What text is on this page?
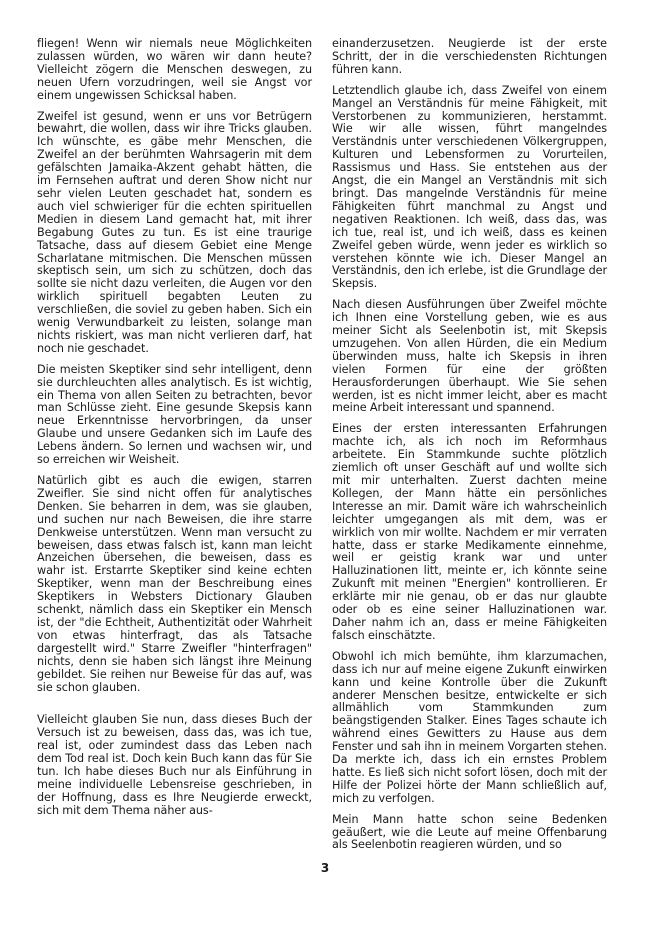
fliegen! Wenn wir niemals neue Möglichkeiten zulassen würden, wo wären wir dann heute? Vielleicht zögern die Menschen deswegen, zu neuen Ufern vorzudringen, weil sie Angst vor einem ungewissen Schicksal haben.

Zweifel ist gesund, wenn er uns vor Betrügern bewahrt, die wollen, dass wir ihre Tricks glauben. Ich wünschte, es gäbe mehr Menschen, die Zweifel an der berühmten Wahrsagerin mit dem gefälschten Jamaika-Akzent gehabt hätten, die im Fernsehen auftrat und deren Show nicht nur sehr vielen Leuten geschadet hat, sondern es auch viel schwieriger für die echten spirituellen Medien in diesem Land gemacht hat, mit ihrer Begabung Gutes zu tun. Es ist eine traurige Tatsache, dass auf diesem Gebiet eine Menge Scharlatane mitmischen. Die Menschen müssen skeptisch sein, um sich zu schützen, doch das sollte sie nicht dazu verleiten, die Augen vor den wirklich spirituell begabten Leuten zu verschließen, die soviel zu geben haben. Sich ein wenig Verwundbarkeit zu leisten, solange man nichts riskiert, was man nicht verlieren darf, hat noch nie geschadet.

Die meisten Skeptiker sind sehr intelligent, denn sie durchleuchten alles analytisch. Es ist wichtig, ein Thema von allen Seiten zu betrachten, bevor man Schlüsse zieht. Eine gesunde Skepsis kann neue Erkenntnisse hervorbringen, da unser Glaube und unsere Gedanken sich im Laufe des Lebens ändern. So lernen und wachsen wir, und so erreichen wir Weisheit.

Natürlich gibt es auch die ewigen, starren Zweifler. Sie sind nicht offen für analytisches Denken. Sie beharren in dem, was sie glauben, und suchen nur nach Beweisen, die ihre starre Denkweise unterstützen. Wenn man versucht zu beweisen, dass etwas falsch ist, kann man leicht Anzeichen übersehen, die beweisen, dass es wahr ist. Erstarrte Skeptiker sind keine echten Skeptiker, wenn man der Beschreibung eines Skeptikers in Websters Dictionary Glauben schenkt, nämlich dass ein Skeptiker ein Mensch ist, der "die Echtheit, Authentizität oder Wahrheit von etwas hinterfragt, das als Tatsache dargestellt wird." Starre Zweifler "hinterfragen" nichts, denn sie haben sich längst ihre Meinung gebildet. Sie reihen nur Beweise für das auf, was sie schon glauben.

Vielleicht glauben Sie nun, dass dieses Buch der Versuch ist zu beweisen, dass das, was ich tue, real ist, oder zumindest dass das Leben nach dem Tod real ist. Doch kein Buch kann das für Sie tun. Ich habe dieses Buch nur als Einführung in meine individuelle Lebensreise geschrieben, in der Hoffnung, dass es Ihre Neugierde erweckt, sich mit dem Thema näher aus-

einanderzusetzen. Neugierde ist der erste Schritt, der in die verschiedensten Richtungen führen kann.

Letztendlich glaube ich, dass Zweifel von einem Mangel an Verständnis für meine Fähigkeit, mit Verstorbenen zu kommunizieren, herstammt. Wie wir alle wissen, führt mangelndes Verständnis unter verschiedenen Völkergruppen, Kulturen und Lebensformen zu Vorurteilen, Rassismus und Hass. Sie entstehen aus der Angst, die ein Mangel an Verständnis mit sich bringt. Das mangelnde Verständnis für meine Fähigkeiten führt manchmal zu Angst und negativen Reaktionen. Ich weiß, dass das, was ich tue, real ist, und ich weiß, dass es keinen Zweifel geben würde, wenn jeder es wirklich so verstehen könnte wie ich. Dieser Mangel an Verständnis, den ich erlebe, ist die Grundlage der Skepsis.

Nach diesen Ausführungen über Zweifel möchte ich Ihnen eine Vorstellung geben, wie es aus meiner Sicht als Seelenbotin ist, mit Skepsis umzugehen. Von allen Hürden, die ein Medium überwinden muss, halte ich Skepsis in ihren vielen Formen für eine der größten Herausforderungen überhaupt. Wie Sie sehen werden, ist es nicht immer leicht, aber es macht meine Arbeit interessant und spannend.

Eines der ersten interessanten Erfahrungen machte ich, als ich noch im Reformhaus arbeitete. Ein Stammkunde suchte plötzlich ziemlich oft unser Geschäft auf und wollte sich mit mir unterhalten. Zuerst dachten meine Kollegen, der Mann hätte ein persönliches Interesse an mir. Damit wäre ich wahrscheinlich leichter umgegangen als mit dem, was er wirklich von mir wollte. Nachdem er mir verraten hatte, dass er starke Medikamente einnehme, weil er geistig krank war und unter Halluzinationen litt, meinte er, ich könnte seine Zukunft mit meinen "Energien" kontrollieren. Er erklärte mir nie genau, ob er das nur glaubte oder ob es eine seiner Halluzinationen war. Daher nahm ich an, dass er meine Fähigkeiten falsch einschätzte.

Obwohl ich mich bemühte, ihm klarzumachen, dass ich nur auf meine eigene Zukunft einwirken kann und keine Kontrolle über die Zukunft anderer Menschen besitze, entwickelte er sich allmählich vom Stammkunden zum beängstigenden Stalker. Eines Tages schaute ich während eines Gewitters zu Hause aus dem Fenster und sah ihn in meinem Vorgarten stehen. Da merkte ich, dass ich ein ernstes Problem hatte. Es ließ sich nicht sofort lösen, doch mit der Hilfe der Polizei hörte der Mann schließlich auf, mich zu verfolgen.

Mein Mann hatte schon seine Bedenken geäußert, wie die Leute auf meine Offenbarung als Seelenbotin reagieren würden, und so

3
